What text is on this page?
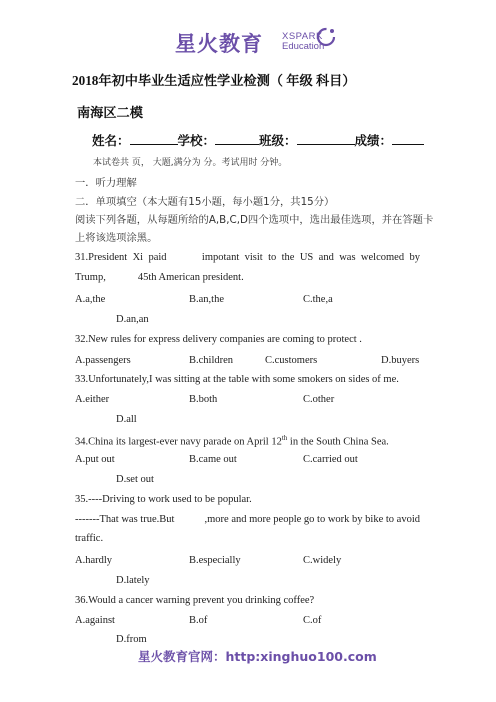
星火教育 XSPARK
Education
2018年初中毕业生适应性学业检测（ 年级 科目）
南海区二模
姓名：	学校：	班级：	成绩：
本试卷共 页， 大题,满分为 分。考试用时 分钟。
一．听力理解
二．单项填空（本大题有15小题，每小题1分，共15分）
阅读下列各题，从每题所给的A,B,C,D四个选项中，选出最佳选项，并在答题卡
上将该选项涂黑。
31.President Xi paid	impotant visit to the US and was welcomed by
Trump,	45th American president.
A.a,the	B.an,the	C.the,a
D.an,an
32.New rules for express delivery companies are coming to protect .
A.passengers	B.children	C.customers	D.buyers
33.Unfortunately,I was sitting at the table with some smokers on sides of me.
A.either	B.both	C.other
D.all
34.China its largest-ever navy parade on April 12th in the South China Sea.
A.put out	B.came out	C.carried out
D.set out
35.----Driving to work used to be popular.
-------That was true.But	,more and more people go to work by bike to avoid
traffic.
A.hardly	B.especially	C.widely
D.lately
36.Would a cancer warning prevent you drinking coffee?
A.against	B.of	C.of
D.from
星火教育官网：http:xinghuo100.com
